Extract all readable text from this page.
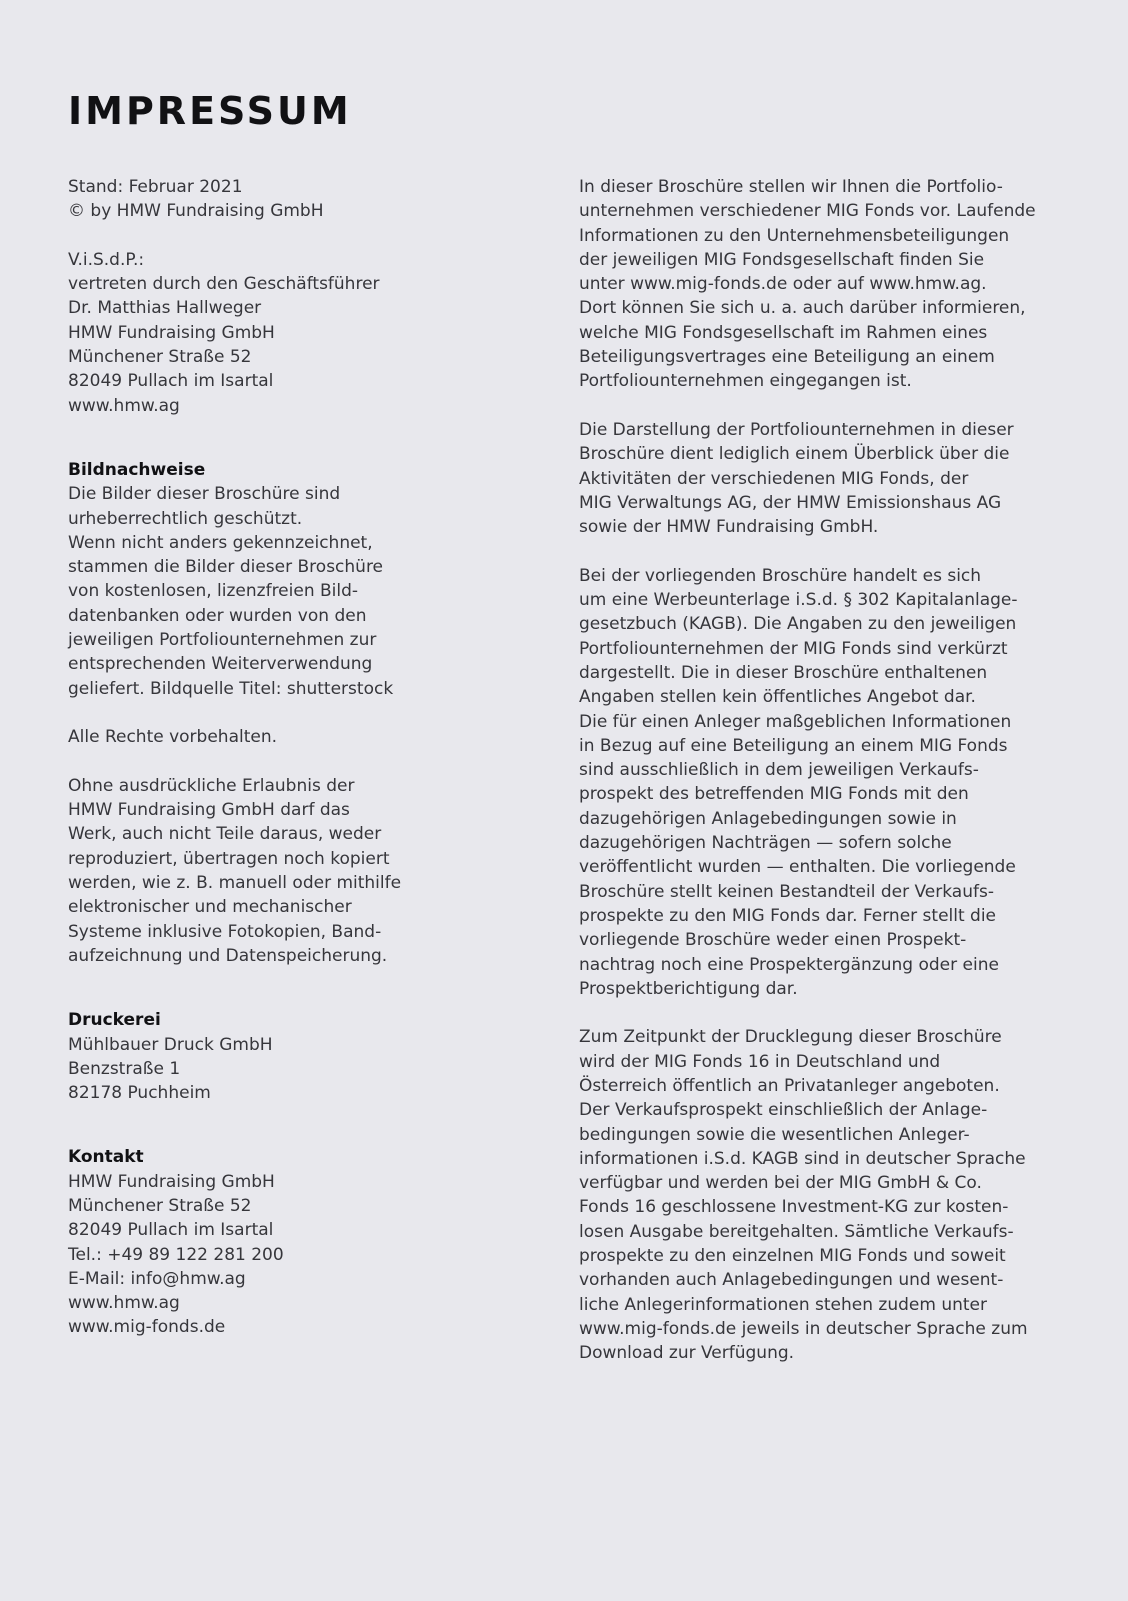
IMPRESSUM
Stand: Februar 2021
© by HMW Fundraising GmbH
V.i.S.d.P.:
vertreten durch den Geschäftsführer
Dr. Matthias Hallweger
HMW Fundraising GmbH
Münchener Straße 52
82049 Pullach im Isartal
www.hmw.ag
Bildnachweise
Die Bilder dieser Broschüre sind
urheberrechtlich geschützt.
Wenn nicht anders gekennzeichnet,
stammen die Bilder dieser Broschüre
von kostenlosen, lizenzfreien Bild-
datenbanken oder wurden von den
jeweiligen Portfoliounternehmen zur
entsprechenden Weiterverwendung
geliefert. Bildquelle Titel: shutterstock
Alle Rechte vorbehalten.
Ohne ausdrückliche Erlaubnis der
HMW Fundraising GmbH darf das
Werk, auch nicht Teile daraus, weder
reproduziert, übertragen noch kopiert
werden, wie z. B. manuell oder mithilfe
elektronischer und mechanischer
Systeme inklusive Fotokopien, Band-
aufzeichnung und Datenspeicherung.
Druckerei
Mühlbauer Druck GmbH
Benzstraße 1
82178 Puchheim
Kontakt
HMW Fundraising GmbH
Münchener Straße 52
82049 Pullach im Isartal
Tel.: +49 89 122 281 200
E-Mail: info@hmw.ag
www.hmw.ag
www.mig-fonds.de
In dieser Broschüre stellen wir Ihnen die Portfolio-
unternehmen verschiedener MIG Fonds vor. Laufende
Informationen zu den Unternehmensbeteiligungen
der jeweiligen MIG Fondsgesellschaft finden Sie
unter www.mig-fonds.de oder auf www.hmw.ag.
Dort können Sie sich u. a. auch darüber informieren,
welche MIG Fondsgesellschaft im Rahmen eines
Beteiligungsvertrages eine Beteiligung an einem
Portfoliounternehmen eingegangen ist.
Die Darstellung der Portfoliounternehmen in dieser
Broschüre dient lediglich einem Überblick über die
Aktivitäten der verschiedenen MIG Fonds, der
MIG Verwaltungs AG, der HMW Emissionshaus AG
sowie der HMW Fundraising GmbH.
Bei der vorliegenden Broschüre handelt es sich
um eine Werbeunterlage i.S.d. § 302 Kapitalanlage-
gesetzbuch (KAGB). Die Angaben zu den jeweiligen
Portfoliounternehmen der MIG Fonds sind verkürzt
dargestellt. Die in dieser Broschüre enthaltenen
Angaben stellen kein öffentliches Angebot dar.
Die für einen Anleger maßgeblichen Informationen
in Bezug auf eine Beteiligung an einem MIG Fonds
sind ausschließlich in dem jeweiligen Verkaufs-
prospekt des betreffenden MIG Fonds mit den
dazugehörigen Anlagebedingungen sowie in
dazugehörigen Nachträgen — sofern solche
veröffentlicht wurden — enthalten. Die vorliegende
Broschüre stellt keinen Bestandteil der Verkaufs-
prospekte zu den MIG Fonds dar. Ferner stellt die
vorliegende Broschüre weder einen Prospekt-
nachtrag noch eine Prospektergänzung oder eine
Prospektberichtigung dar.
Zum Zeitpunkt der Drucklegung dieser Broschüre
wird der MIG Fonds 16 in Deutschland und
Österreich öffentlich an Privatanleger angeboten.
Der Verkaufsprospekt einschließlich der Anlage-
bedingungen sowie die wesentlichen Anleger-
informationen i.S.d. KAGB sind in deutscher Sprache
verfügbar und werden bei der MIG GmbH & Co.
Fonds 16 geschlossene Investment-KG zur kosten-
losen Ausgabe bereitgehalten. Sämtliche Verkaufs-
prospekte zu den einzelnen MIG Fonds und soweit
vorhanden auch Anlagebedingungen und wesent-
liche Anlegerinformationen stehen zudem unter
www.mig-fonds.de jeweils in deutscher Sprache zum
Download zur Verfügung.
